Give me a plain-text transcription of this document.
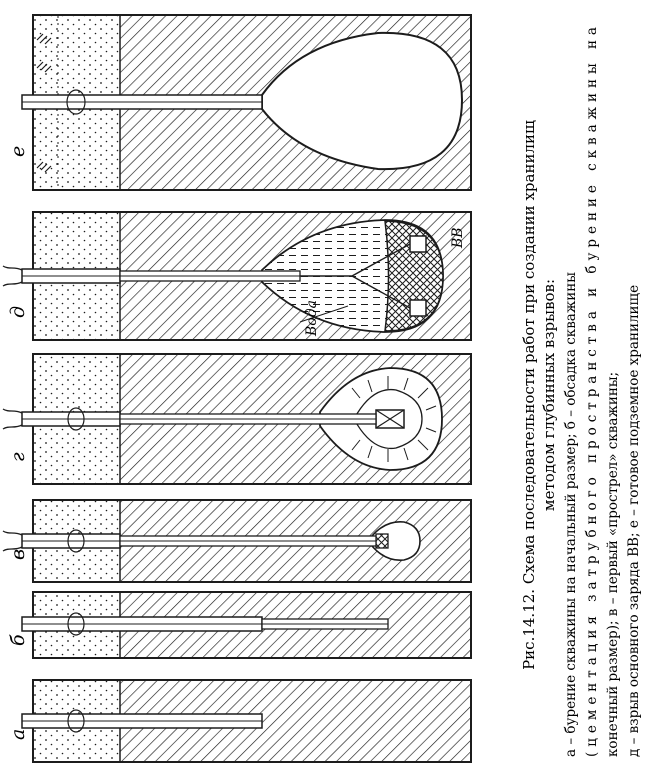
е
Вода
ВВ
д
г
в
б
а
Рис.14.12. Схема последовательности работ при создании хранилищ методом глубинных взрывов: а – бурение скважины на начальный размер; б – обсадка скважины (цементация затрубного пространства и бурение скважины на
конечный размер); в – первый «прострел» скважины; д – взрыв основного заряда ВВ; е – готовое подземное хранилище
